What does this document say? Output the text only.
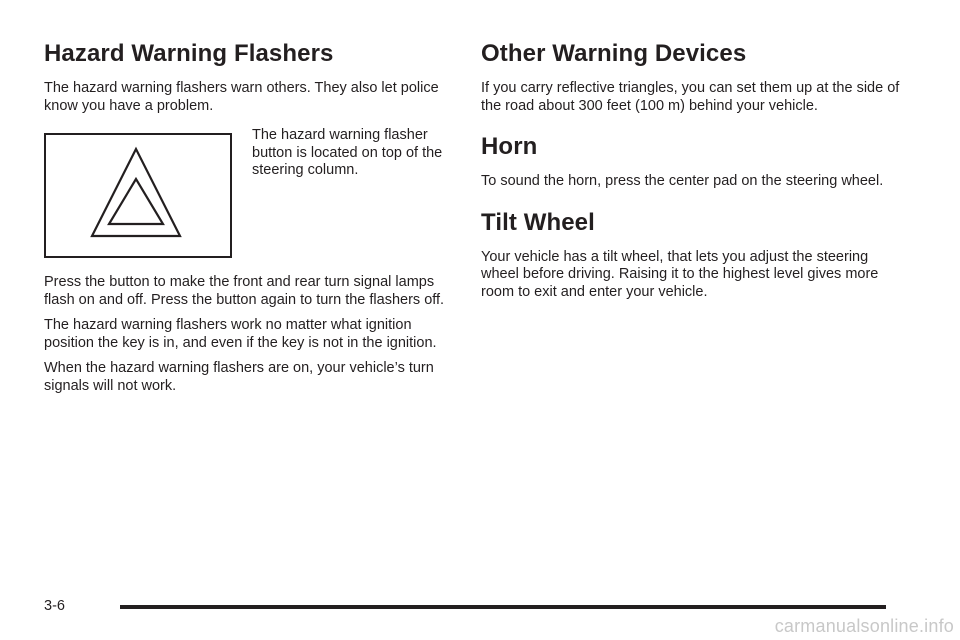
Hazard Warning Flashers

The hazard warning flashers warn others. They also let police know you have a problem.

The hazard warning flasher button is located on top of the steering column.

Press the button to make the front and rear turn signal lamps flash on and off. Press the button again to turn the flashers off.

The hazard warning flashers work no matter what ignition position the key is in, and even if the key is not in the ignition.

When the hazard warning flashers are on, your vehicle’s turn signals will not work.

Other Warning Devices

If you carry reflective triangles, you can set them up at the side of the road about 300 feet (100 m) behind your vehicle.

Horn

To sound the horn, press the center pad on the steering wheel.

Tilt Wheel

Your vehicle has a tilt wheel, that lets you adjust the steering wheel before driving. Raising it to the highest level gives more room to exit and enter your vehicle.

3-6
carmanualsonline.info
